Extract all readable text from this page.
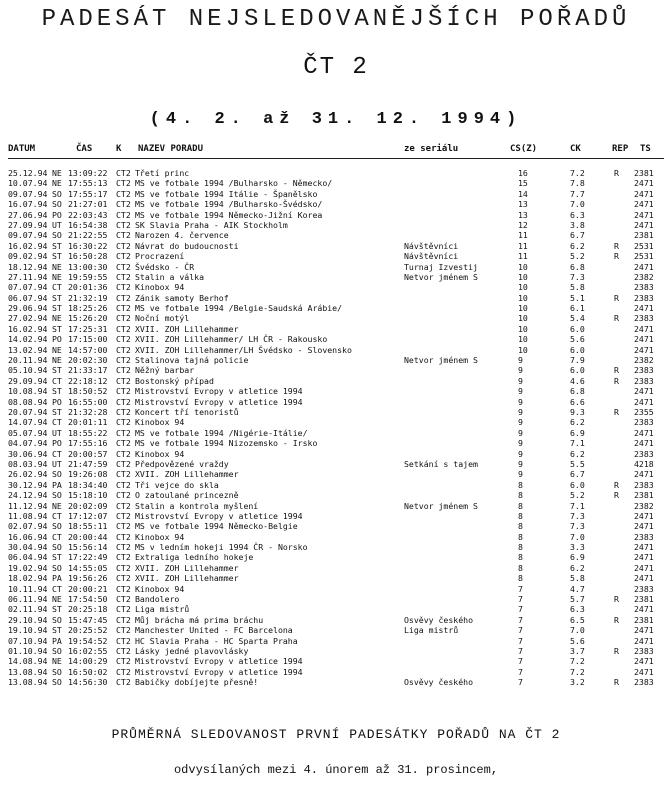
PADESÁT NEJSLEDOVANĚJŠÍCH POŘADŮ
ČT 2
(4. 2. až 31. 12. 1994)
DATUM	ČAS	K NAZEV PORADU	ze seriálu	CS(Z)	CK	REP TS
25.12.94 NE 13:09:22 CT2 Třetí princ	16	7.2	R 2381
10.07.94 NE 17:55:13 CT2 MS ve fotbale 1994 /Bulharsko - Německo/	15	7.8	2471
09.07.94 SO 17:55:17 CT2 MS ve fotbale 1994 Itálie - Španělsko	14	7.7	2471
16.07.94 SO 21:27:01 CT2 MS ve fotbale 1994 /Bulharsko-Švédsko/	13	7.0	2471
27.06.94 PO 22:03:43 CT2 MS ve fotbale 1994 Německo-Jižní Korea	13	6.3	2471
27.09.94 UT 16:54:38 CT2 SK Slavia Praha - AIK Stockholm	12	3.8	2471
09.07.94 SO 21:22:55 CT2 Narozen 4. července	11	6.7	2381
16.02.94 ST 16:30:22 CT2 Návrat do budoucnosti	Návštěvníci	11	6.2	R 2531
09.02.94 ST 16:50:28 CT2 Procrazení	Návštěvníci	11	5.2	R 2531
18.12.94 NE 13:00:30 CT2 Švédsko - ČR	Turnaj Izvestij	10	6.8	2471
27.11.94 NE 19:59:55 CT2 Stalin a válka	Netvor jménem S	10	7.3	2382
07.07.94 CT 20:01:36 CT2 Kinobox 94	10	5.8	2383
06.07.94 ST 21:32:19 CT2 Zánik samoty Berhof	10	5.1	R 2383
29.06.94 ST 18:25:26 CT2 MS ve fotbale 1994 /Belgie-Saudská Arábie/	10	6.1	2471
27.02.94 NE 15:26:20 CT2 Noční motýl	10	5.4	R 2383
16.02.94 ST 17:25:31 CT2 XVII. ZOH Lillehammer	10	6.0	2471
14.02.94 PO 17:15:00 CT2 XVII. ZOH Lillehammer/ LH ČR - Rakousko	10	5.6	2471
13.02.94 NE 14:57:00 CT2 XVII. ZOH Lillehammer/LH Švédsko - Slovensko	10	6.0	2471
20.11.94 NE 20:02:30 CT2 Stalinova tajná policie	Netvor jménem S	9	7.9	2382
05.10.94 ST 21:33:17 CT2 Něžný barbar	9	6.0	R 2383
29.09.94 CT 22:18:12 CT2 Bostonský případ	9	4.6	R 2383
10.08.94 ST 18:50:52 CT2 Mistrovství Evropy v atletice 1994	9	6.8	2471
08.08.94 PO 16:55:00 CT2 Mistrovství Evropy v atletice 1994	9	6.6	2471
20.07.94 ST 21:32:28 CT2 Koncert tří tenoristů	9	9.3	R 2355
14.07.94 CT 20:01:11 CT2 Kinobox 94	9	6.2	2383
05.07.94 UT 18:55:22 CT2 MS ve fotbale 1994 /Nigérie-Itálie/	9	6.9	2471
04.07.94 PO 17:55:16 CT2 MS ve fotbale 1994 Nizozemsko - Irsko	9	7.1	2471
30.06.94 CT 20:00:57 CT2 Kinobox 94	9	6.2	2383
08.03.94 UT 21:47:59 CT2 Předpovězené vraždy	Setkání s tajem	9	5.5	4218
26.02.94 SO 19:26:08 CT2 XVII. ZOH Lillehammer	9	6.7	2471
30.12.94 PA 18:34:40 CT2 Tři vejce do skla	8	6.0	R 2383
24.12.94 SO 15:18:10 CT2 O zatoulané princezně	8	5.2	R 2381
11.12.94 NE 20:02:09 CT2 Stalin a kontrola myšlení	Netvor jménem S	8	7.1	2382
11.08.94 CT 17:12:07 CT2 Mistrovství Evropy v atletice 1994	8	7.3	2471
02.07.94 SO 18:55:11 CT2 MS ve fotbale 1994 Německo-Belgie	8	7.3	2471
16.06.94 CT 20:00:44 CT2 Kinobox 94	8	7.0	2383
30.04.94 SO 15:56:14 CT2 MS v ledním hokeji 1994 ČR - Norsko	8	3.3	2471
06.04.94 ST 17:22:49 CT2 Extraliga ledního hokeje	8	6.9	2471
19.02.94 SO 14:55:05 CT2 XVII. ZOH Lillehammer	8	6.2	2471
18.02.94 PA 19:56:26 CT2 XVII. ZOH Lillehammer	8	5.8	2471
10.11.94 CT 20:00:21 CT2 Kinobox 94	7	4.7	2383
06.11.94 NE 17:54:50 CT2 Bandolero	7	5.7	R 2381
02.11.94 ST 20:25:18 CT2 Liga mistrů	7	6.3	2471
29.10.94 SO 15:47:45 CT2 Můj brácha má prima bráchu	Osvěvy českého	7	6.5	R 2381
19.10.94 ST 20:25:52 CT2 Manchester United - FC Barcelona	Liga mistrů	7	7.0	2471
07.10.94 PA 19:54:52 CT2 HC Slavia Praha - HC Sparta Praha	7	5.6	2471
01.10.94 SO 16:02:55 CT2 Lásky jedné plavovlásky	7	3.7	R 2383
14.08.94 NE 14:00:29 CT2 Mistrovství Evropy v atletice 1994	7	7.2	2471
13.08.94 SO 16:50:02 CT2 Mistrovství Evropy v atletice 1994	7	7.2	2471
13.08.94 SO 14:56:30 CT2 Babičky dobíjejte přesně!	Osvěvy českého	7	3.2	R 2383
PRŮMĚRNÁ SLEDOVANOST PRVNÍ PADESÁTKY POŘADŮ NA ČT 2
odvysílaných mezi 4. únorem až 31. prosincem,
